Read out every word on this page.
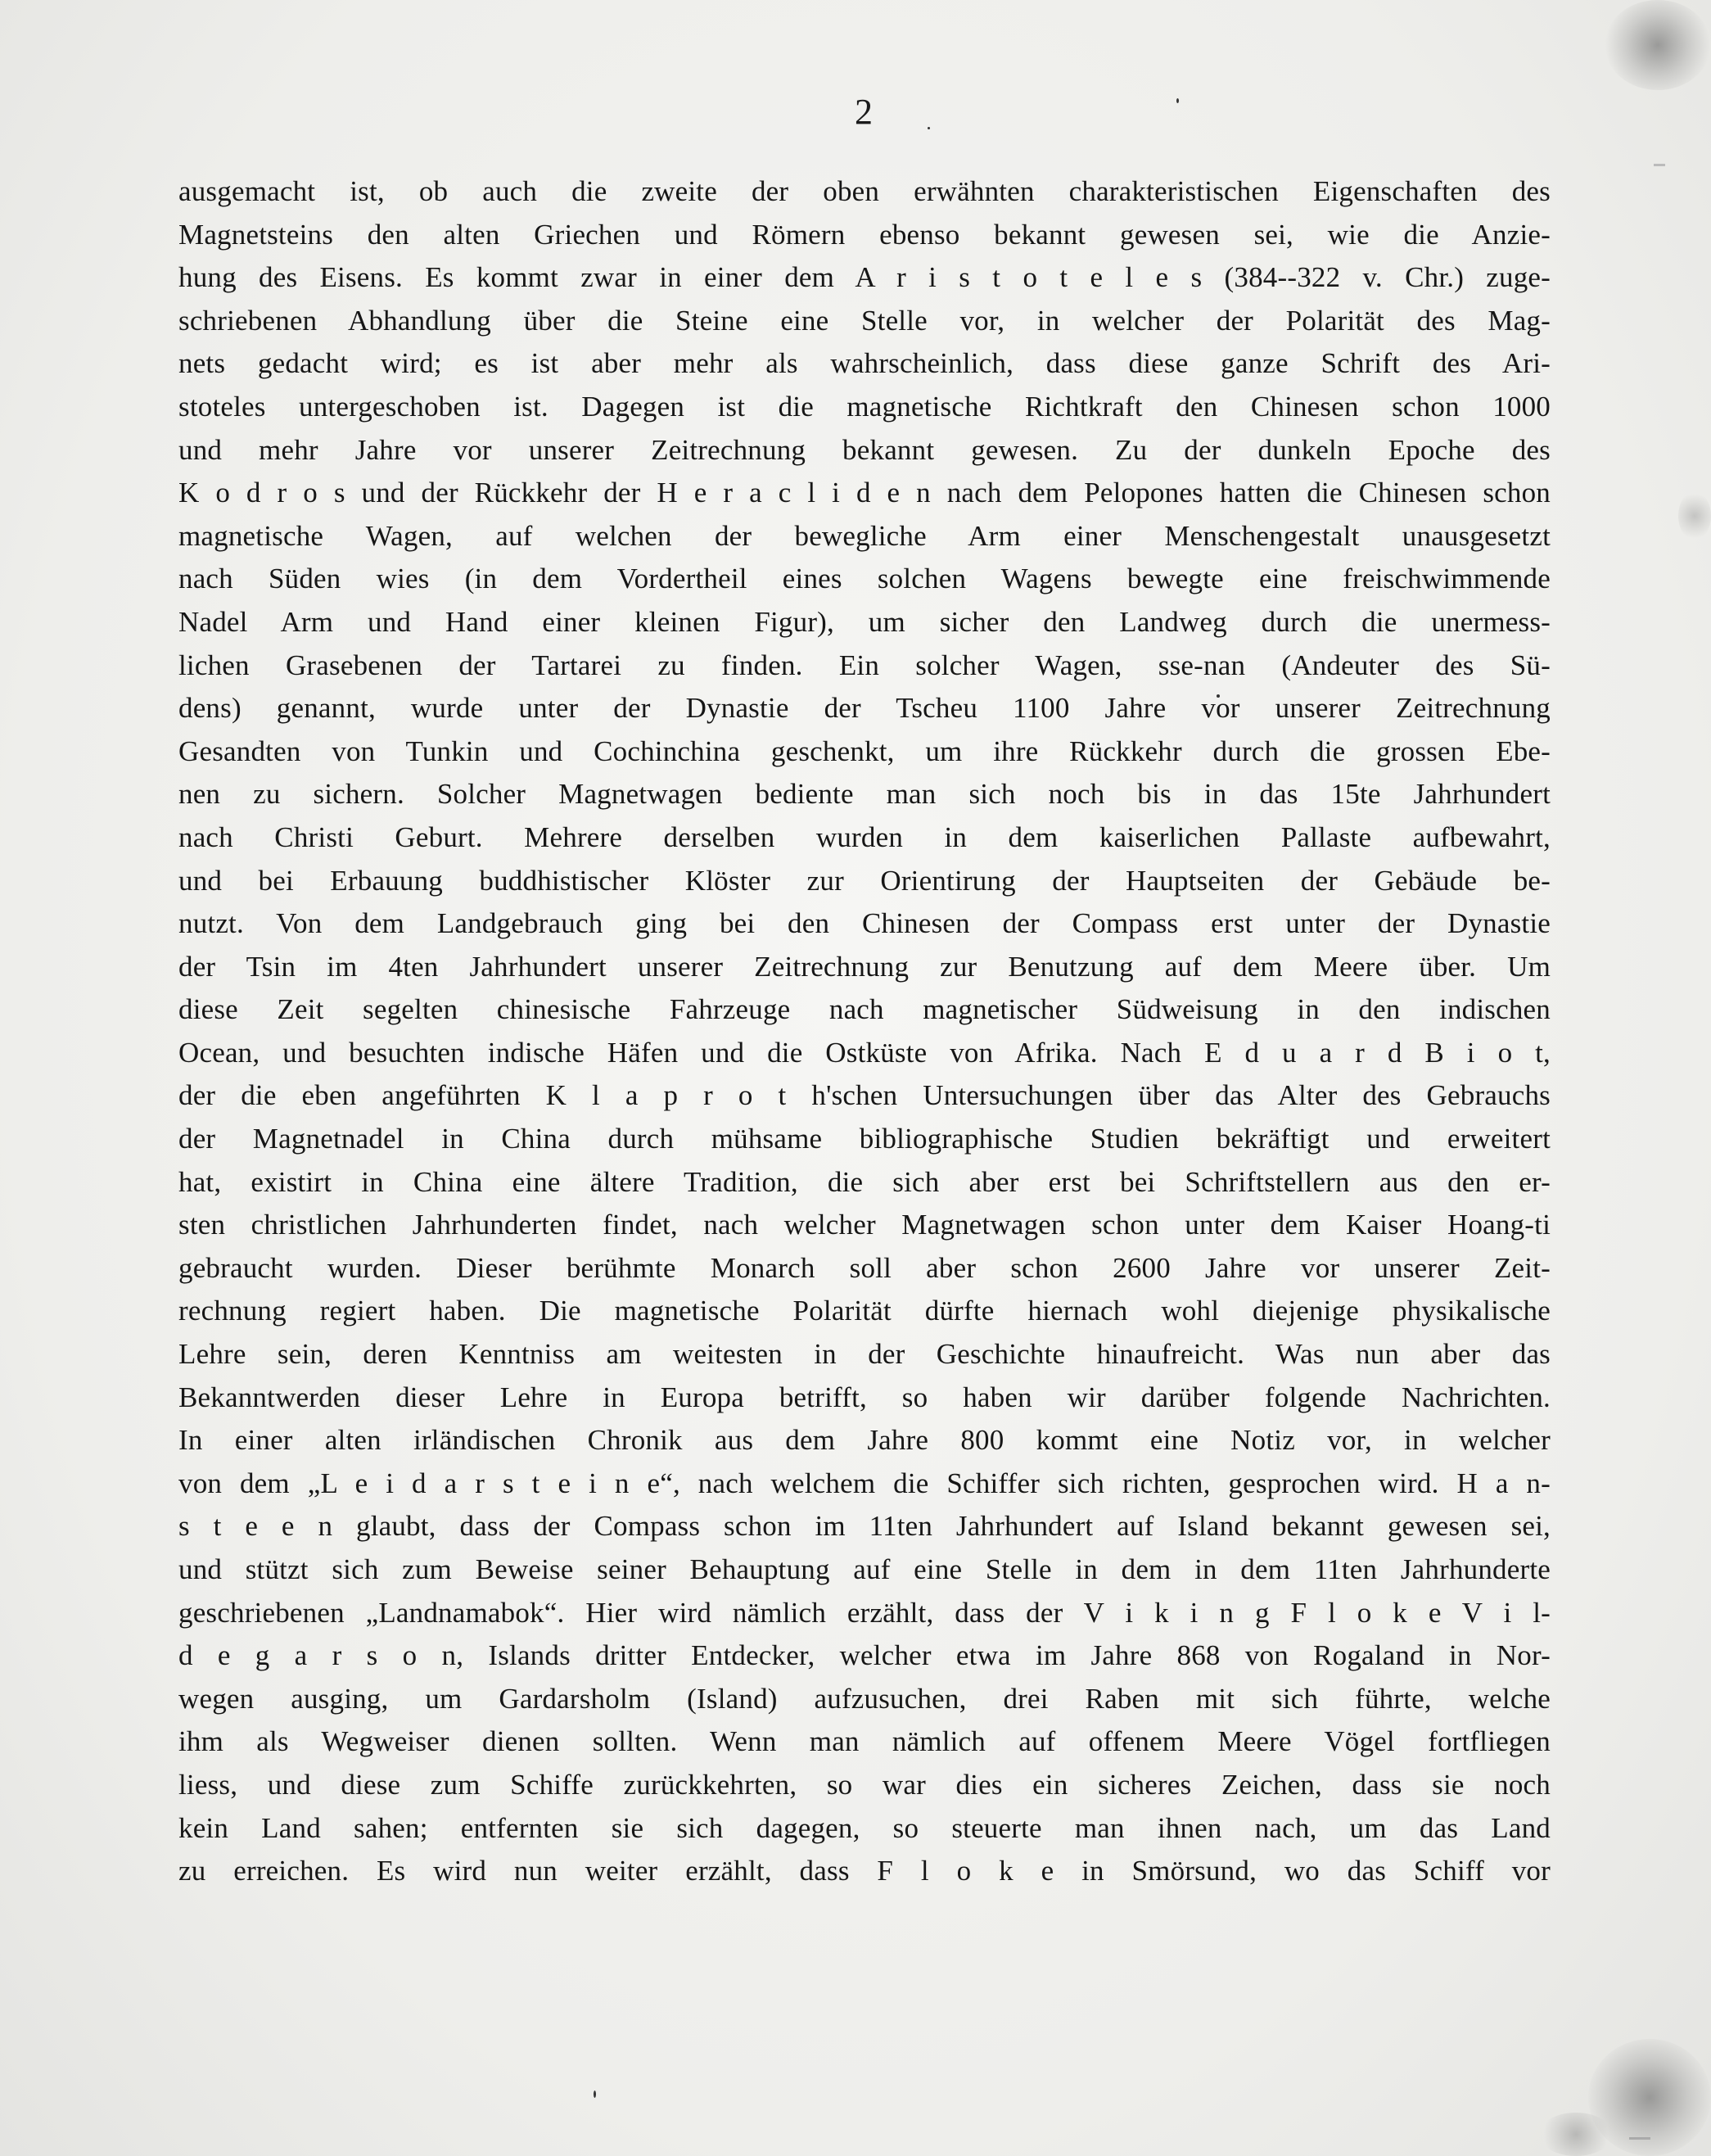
2
ausgemacht ist, ob auch die zweite der oben erwähnten charakteristischen Eigenschaften des
Magnetsteins den alten Griechen und Römern ebenso bekannt gewesen sei, wie die Anzie-
hung des Eisens. Es kommt zwar in einer dem A r i s t o t e l e s (384--322 v. Chr.) zuge-
schriebenen Abhandlung über die Steine eine Stelle vor, in welcher der Polarität des Mag-
nets gedacht wird; es ist aber mehr als wahrscheinlich, dass diese ganze Schrift des Ari-
stoteles untergeschoben ist. Dagegen ist die magnetische Richtkraft den Chinesen schon 1000
und mehr Jahre vor unserer Zeitrechnung bekannt gewesen. Zu der dunkeln Epoche des
K o d r o s und der Rückkehr der H e r a c l i d e n nach dem Pelopones hatten die Chinesen schon
magnetische Wagen, auf welchen der bewegliche Arm einer Menschengestalt unausgesetzt
nach Süden wies (in dem Vordertheil eines solchen Wagens bewegte eine freischwimmende
Nadel Arm und Hand einer kleinen Figur), um sicher den Landweg durch die unermess-
lichen Grasebenen der Tartarei zu finden. Ein solcher Wagen, sse-nan (Andeuter des Sü-
dens) genannt, wurde unter der Dynastie der Tscheu 1100 Jahre vor unserer Zeitrechnung
Gesandten von Tunkin und Cochinchina geschenkt, um ihre Rückkehr durch die grossen Ebe-
nen zu sichern. Solcher Magnetwagen bediente man sich noch bis in das 15te Jahrhundert
nach Christi Geburt. Mehrere derselben wurden in dem kaiserlichen Pallaste aufbewahrt,
und bei Erbauung buddhistischer Klöster zur Orientirung der Hauptseiten der Gebäude be-
nutzt. Von dem Landgebrauch ging bei den Chinesen der Compass erst unter der Dynastie
der Tsin im 4ten Jahrhundert unserer Zeitrechnung zur Benutzung auf dem Meere über. Um
diese Zeit segelten chinesische Fahrzeuge nach magnetischer Südweisung in den indischen
Ocean, und besuchten indische Häfen und die Ostküste von Afrika. Nach E d u a r d B i o t,
der die eben angeführten K l a p r o t h'schen Untersuchungen über das Alter des Gebrauchs
der Magnetnadel in China durch mühsame bibliographische Studien bekräftigt und erweitert
hat, existirt in China eine ältere Tradition, die sich aber erst bei Schriftstellern aus den er-
sten christlichen Jahrhunderten findet, nach welcher Magnetwagen schon unter dem Kaiser Hoang-ti
gebraucht wurden. Dieser berühmte Monarch soll aber schon 2600 Jahre vor unserer Zeit-
rechnung regiert haben. Die magnetische Polarität dürfte hiernach wohl diejenige physikalische
Lehre sein, deren Kenntniss am weitesten in der Geschichte hinaufreicht. Was nun aber das
Bekanntwerden dieser Lehre in Europa betrifft, so haben wir darüber folgende Nachrichten.
In einer alten irländischen Chronik aus dem Jahre 800 kommt eine Notiz vor, in welcher
von dem „L e i d a r s t e i n e“, nach welchem die Schiffer sich richten, gesprochen wird. H a n-
s t e e n glaubt, dass der Compass schon im 11ten Jahrhundert auf Island bekannt gewesen sei,
und stützt sich zum Beweise seiner Behauptung auf eine Stelle in dem in dem 11ten Jahrhunderte
geschriebenen „Landnamabok“. Hier wird nämlich erzählt, dass der V i k i n g F l o k e V i l-
d e g a r s o n, Islands dritter Entdecker, welcher etwa im Jahre 868 von Rogaland in Nor-
wegen ausging, um Gardarsholm (Island) aufzusuchen, drei Raben mit sich führte, welche
ihm als Wegweiser dienen sollten. Wenn man nämlich auf offenem Meere Vögel fortfliegen
liess, und diese zum Schiffe zurückkehrten, so war dies ein sicheres Zeichen, dass sie noch
kein Land sahen; entfernten sie sich dagegen, so steuerte man ihnen nach, um das Land
zu erreichen. Es wird nun weiter erzählt, dass F l o k e in Smörsund, wo das Schiff vor
